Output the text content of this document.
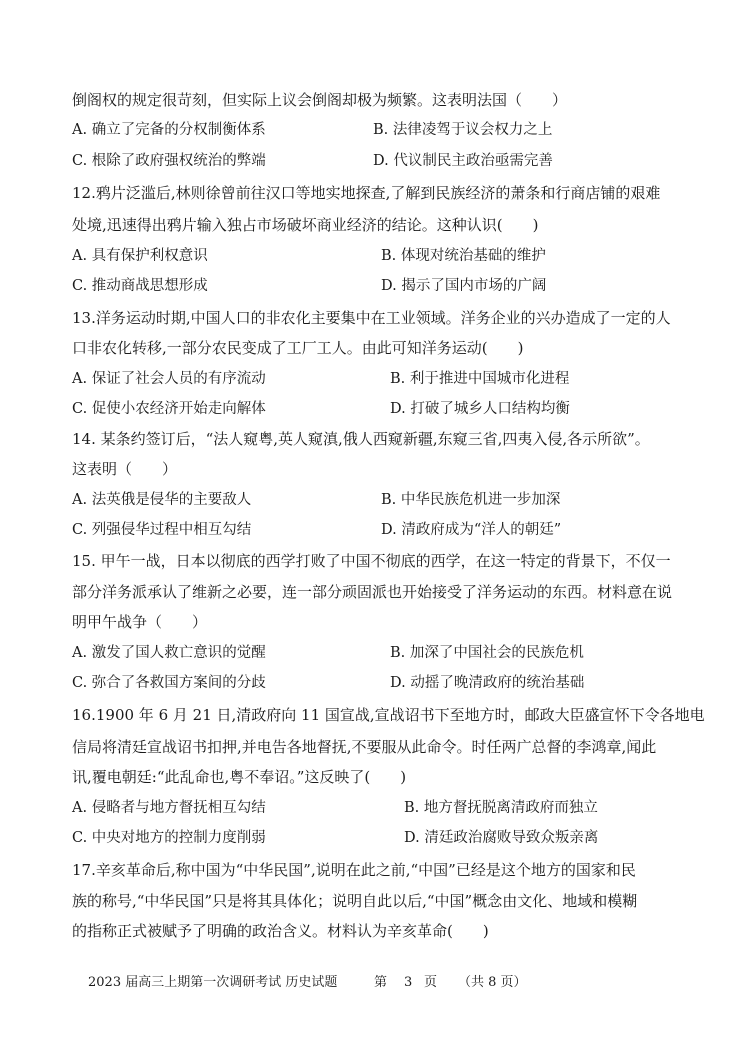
倒阁权的规定很苛刻，但实际上议会倒阁却极为频繁。这表明法国（　　）
A. 确立了完备的分权制衡体系	B. 法律凌驾于议会权力之上
C. 根除了政府强权统治的弊端	D. 代议制民主政治亟需完善
12.鸦片泛滥后,林则徐曾前往汉口等地实地探查,了解到民族经济的萧条和行商店铺的艰难
处境,迅速得出鸦片输入独占市场破坏商业经济的结论。这种认识(　　)
A. 具有保护利权意识	B. 体现对统治基础的维护
C. 推动商战思想形成	D. 揭示了国内市场的广阔
13.洋务运动时期,中国人口的非农化主要集中在工业领域。洋务企业的兴办造成了一定的人
口非农化转移,一部分农民变成了工厂工人。由此可知洋务运动(　　)
A. 保证了社会人员的有序流动	B. 利于推进中国城市化进程
C. 促使小农经济开始走向解体	D. 打破了城乡人口结构均衡
14. 某条约签订后，“法人窥粤,英人窥滇,俄人西窥新疆,东窥三省,四夷入侵,各示所欲”。
这表明（　　）
A. 法英俄是侵华的主要敌人	B. 中华民族危机进一步加深
C. 列强侵华过程中相互勾结	D. 清政府成为“洋人的朝廷”
15. 甲午一战，日本以彻底的西学打败了中国不彻底的西学，在这一特定的背景下，不仅一
部分洋务派承认了维新之必要，连一部分顽固派也开始接受了洋务运动的东西。材料意在说
明甲午战争（　　）
A. 激发了国人救亡意识的觉醒	B. 加深了中国社会的民族危机
C. 弥合了各救国方案间的分歧	D. 动摇了晚清政府的统治基础
16.1900 年 6 月 21 日,清政府向 11 国宣战,宣战诏书下至地方时，邮政大臣盛宣怀下令各地电
信局将清廷宣战诏书扣押,并电告各地督抚,不要服从此命令。时任两广总督的李鸿章,闻此
讯,覆电朝廷:“此乱命也,粤不奉诏。”这反映了(　　)
A. 侵略者与地方督抚相互勾结	B. 地方督抚脱离清政府而独立
C. 中央对地方的控制力度削弱	D. 清廷政治腐败导致众叛亲离
17.辛亥革命后,称中国为“中华民国”,说明在此之前,“中国”已经是这个地方的国家和民
族的称号,“中华民国”只是将其具体化；说明自此以后,“中国”概念由文化、地域和模糊
的指称正式被赋予了明确的政治含义。材料认为辛亥革命(　　)
2023 届高三上期第一次调研考试 历史试题	第 3 页 （共 8 页）
